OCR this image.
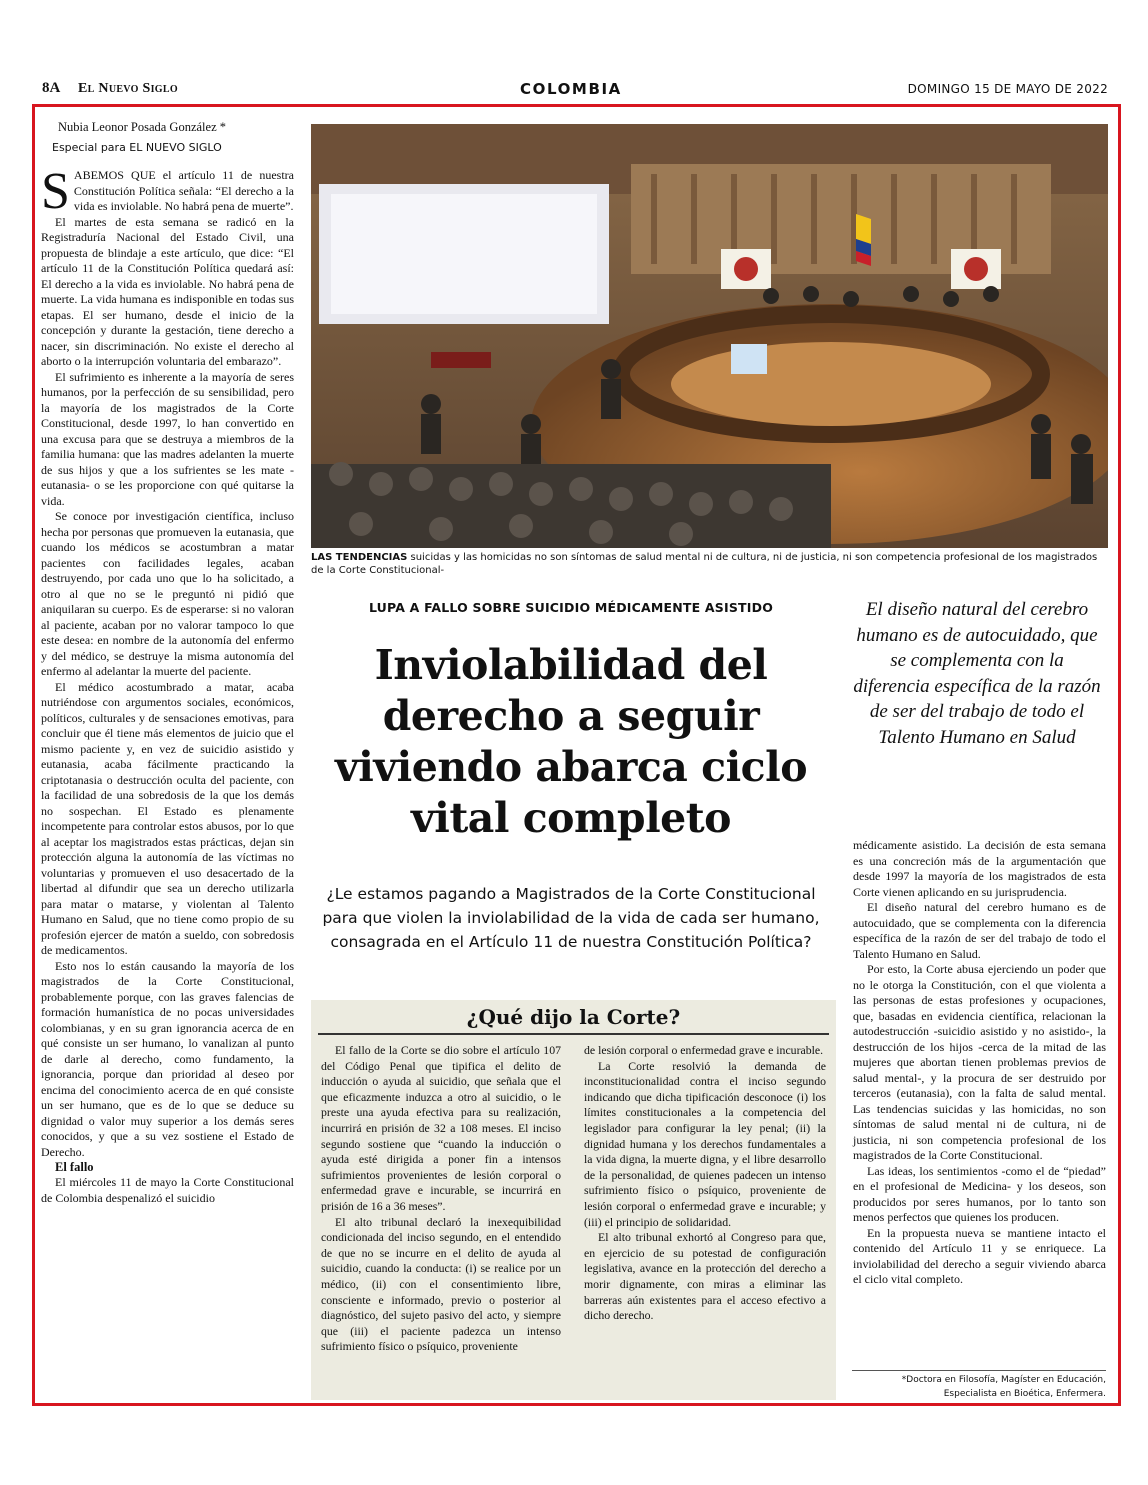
8A El Nuevo Siglo	COLOMBIA	DOMINGO 15 DE MAYO DE 2022
Nubia Leonor Posada González *
Especial para EL NUEVO SIGLO

SABEMOS QUE el artículo 11 de nuestra Constitución Política señala: “El derecho a la vida es inviolable. No habrá pena de muerte”.

El martes de esta semana se radicó en la Registraduría Nacional del Estado Civil, una propuesta de blindaje a este artículo, que dice: “El artículo 11 de la Constitución Política quedará así: El derecho a la vida es inviolable. No habrá pena de muerte. La vida humana es indisponible en todas sus etapas. El ser humano, desde el inicio de la concepción y durante la gestación, tiene derecho a nacer, sin discriminación. No existe el derecho al aborto o la interrupción voluntaria del embarazo”.

El sufrimiento es inherente a la mayoría de seres humanos, por la perfección de su sensibilidad, pero la mayoría de los magistrados de la Corte Constitucional, desde 1997, lo han convertido en una excusa para que se destruya a miembros de la familia humana: que las madres adelanten la muerte de sus hijos y que a los sufrientes se les mate -eutanasia- o se les proporcione con qué quitarse la vida.

Se conoce por investigación científica, incluso hecha por personas que promueven la eutanasia, que cuando los médicos se acostumbran a matar pacientes con facilidades legales, acaban destruyendo, por cada uno que lo ha solicitado, a otro al que no se le preguntó ni pidió que aniquilaran su cuerpo. Es de esperarse: si no valoran al paciente, acaban por no valorar tampoco lo que este desea: en nombre de la autonomía del enfermo y del médico, se destruye la misma autonomía del enfermo al adelantar la muerte del paciente.

El médico acostumbrado a matar, acaba nutriéndose con argumentos sociales, económicos, políticos, culturales y de sensaciones emotivas, para concluir que él tiene más elementos de juicio que el mismo paciente y, en vez de suicidio asistido y eutanasia, acaba fácilmente practicando la criptotanasia o destrucción oculta del paciente, con la facilidad de una sobredosis de la que los demás no sospechan. El Estado es plenamente incompetente para controlar estos abusos, por lo que al aceptar los magistrados estas prácticas, dejan sin protección alguna la autonomía de las víctimas no voluntarias y promueven el uso desacertado de la libertad al difundir que sea un derecho utilizarla para matar o matarse, y violentan al Talento Humano en Salud, que no tiene como propio de su profesión ejercer de matón a sueldo, con sobredosis de medicamentos.

Esto nos lo están causando la mayoría de los magistrados de la Corte Constitucional, probablemente porque, con las graves falencias de formación humanística de no pocas universidades colombianas, y en su gran ignorancia acerca de en qué consiste un ser humano, lo vanalizan al punto de darle al derecho, como fundamento, la ignorancia, porque dan prioridad al deseo por encima del conocimiento acerca de en qué consiste un ser humano, que es de lo que se deduce su dignidad o valor muy superior a los demás seres conocidos, y que a su vez sostiene el Estado de Derecho.

El fallo

El miércoles 11 de mayo la Corte Constitucional de Colombia despenalizó el suicidio

LAS TENDENCIAS suicidas y las homicidas no son síntomas de salud mental ni de cultura, ni de justicia, ni son competencia profesional de los magistrados de la Corte Constitucional-
LUPA A FALLO SOBRE SUICIDIO MÉDICAMENTE ASISTIDO
Inviolabilidad del derecho a seguir viviendo abarca ciclo vital completo
¿Le estamos pagando a Magistrados de la Corte Constitucional para que violen la inviolabilidad de la vida de cada ser humano, consagrada en el Artículo 11 de nuestra Constitución Política?
El diseño natural del cerebro humano es de autocuidado, que se complementa con la diferencia específica de la razón de ser del trabajo de todo el Talento Humano en Salud
¿Qué dijo la Corte?

El fallo de la Corte se dio sobre el artículo 107 del Código Penal que tipifica el delito de inducción o ayuda al suicidio, que señala que el que eficazmente induzca a otro al suicidio, o le preste una ayuda efectiva para su realización, incurrirá en prisión de 32 a 108 meses. El inciso segundo sostiene que “cuando la inducción o ayuda esté dirigida a poner fin a intensos sufrimientos provenientes de lesión corporal o enfermedad grave e incurable, se incurrirá en prisión de 16 a 36 meses”.

El alto tribunal declaró la inexequibilidad condicionada del inciso segundo, en el entendido de que no se incurre en el delito de ayuda al suicidio, cuando la conducta: (i) se realice por un médico, (ii) con el consentimiento libre, consciente e informado, previo o posterior al diagnóstico, del sujeto pasivo del acto, y siempre que (iii) el paciente padezca un intenso sufrimiento físico o psíquico, proveniente

de lesión corporal o enfermedad grave e incurable.

La Corte resolvió la demanda de inconstitucionalidad contra el inciso segundo indicando que dicha tipificación desconoce (i) los límites constitucionales a la competencia del legislador para configurar la ley penal; (ii) la dignidad humana y los derechos fundamentales a la vida digna, la muerte digna, y el libre desarrollo de la personalidad, de quienes padecen un intenso sufrimiento físico o psíquico, proveniente de lesión corporal o enfermedad grave e incurable; y (iii) el principio de solidaridad.

El alto tribunal exhortó al Congreso para que, en ejercicio de su potestad de configuración legislativa, avance en la protección del derecho a morir dignamente, con miras a eliminar las barreras aún existentes para el acceso efectivo a dicho derecho.

médicamente asistido. La decisión de esta semana es una concreción más de la argumentación que desde 1997 la mayoría de los magistrados de esta Corte vienen aplicando en su jurisprudencia.

El diseño natural del cerebro humano es de autocuidado, que se complementa con la diferencia específica de la razón de ser del trabajo de todo el Talento Humano en Salud.

Por esto, la Corte abusa ejerciendo un poder que no le otorga la Constitución, con el que violenta a las personas de estas profesiones y ocupaciones, que, basadas en evidencia científica, relacionan la autodestrucción -suicidio asistido y no asistido-, la destrucción de los hijos -cerca de la mitad de las mujeres que abortan tienen problemas previos de salud mental-, y la procura de ser destruido por terceros (eutanasia), con la falta de salud mental. Las tendencias suicidas y las homicidas, no son síntomas de salud mental ni de cultura, ni de justicia, ni son competencia profesional de los magistrados de la Corte Constitucional.

Las ideas, los sentimientos -como el de “piedad” en el profesional de Medicina- y los deseos, son producidos por seres humanos, por lo tanto son menos perfectos que quienes los producen.

En la propuesta nueva se mantiene intacto el contenido del Artículo 11 y se enriquece. La inviolabilidad del derecho a seguir viviendo abarca el ciclo vital completo.

*Doctora en Filosofía, Magíster en Educación,
Especialista en Bioética, Enfermera.
